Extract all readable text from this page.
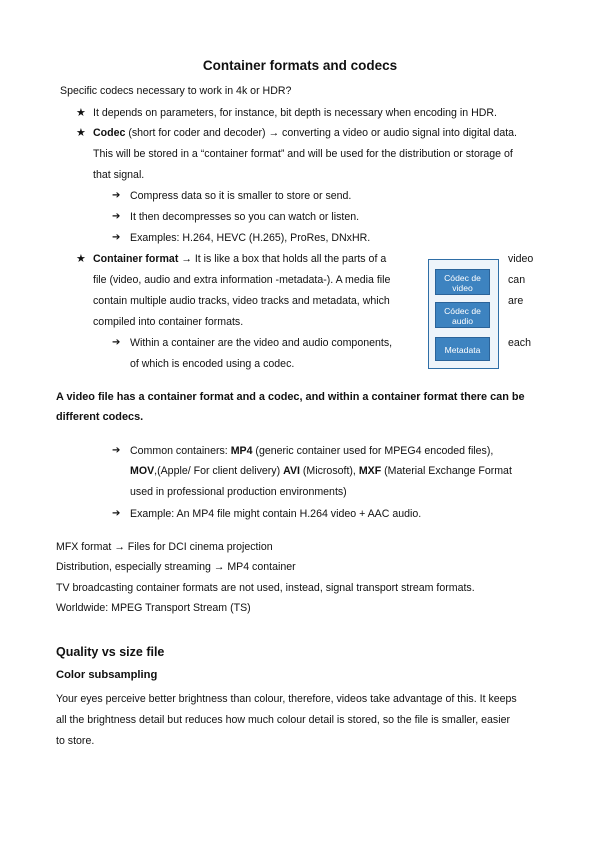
Container formats and codecs
Specific codecs necessary to work in 4k or HDR?
★ It depends on parameters, for instance, bit depth is necessary when encoding in HDR.
★ Codec (short for coder and decoder) → converting a video or audio signal into digital data.
This will be stored in a “container format” and will be used for the distribution or storage of
that signal.
➔ Compress data so it is smaller to store or send.
➔ It then decompresses so you can watch or listen.
➔ Examples: H.264, HEVC (H.265), ProRes, DNxHR.
★ Container format → It is like a box that holds all the parts of a	video
file (video, audio and extra information -metadata-). A media file	can
contain multiple audio tracks, video tracks and metadata, which	are
compiled into container formats.
➔ Within a container are the video and audio components,	each
of which is encoded using a codec.
Códec de
video
Códec de
audio
Metadata
A video file has a container format and a codec, and within a container format there can be
different codecs.
➔ Common containers: MP4 (generic container used for MPEG4 encoded files),
MOV,(Apple/ For client delivery) AVI (Microsoft), MXF (Material Exchange Format
used in professional production environments)
➔ Example: An MP4 file might contain H.264 video + AAC audio.
MFX format → Files for DCI cinema projection
Distribution, especially streaming → MP4 container
TV broadcasting container formats are not used, instead, signal transport stream formats.
Worldwide: MPEG Transport Stream (TS)
Quality vs size file
Color subsampling
Your eyes perceive better brightness than colour, therefore, videos take advantage of this. It keeps
all the brightness detail but reduces how much colour detail is stored, so the file is smaller, easier
to store.
